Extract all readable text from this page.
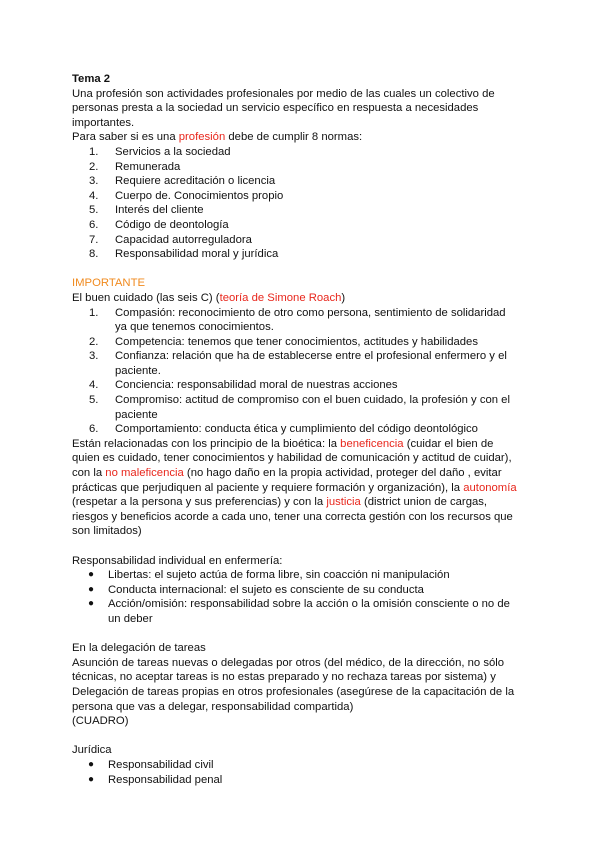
Tema 2

Una profesión son actividades profesionales por medio de las cuales un colectivo de personas presta a la sociedad un servicio específico en respuesta a necesidades importantes.

Para saber si es una profesión debe de cumplir 8 normas:

1.	Servicios a la sociedad
2.	Remunerada
3.	Requiere acreditación o licencia
4.	Cuerpo de. Conocimientos propio
5.	Interés del cliente
6.	Código de deontología
7.	Capacidad autorreguladora
8.	Responsabilidad moral y jurídica

IMPORTANTE

El buen cuidado (las seis C) (teoría de Simone Roach)

1.	Compasión: reconocimiento de otro como persona, sentimiento de solidaridad ya que tenemos conocimientos.
2.	Competencia: tenemos que tener conocimientos, actitudes y habilidades
3.	Confianza: relación que ha de establecerse entre el profesional enfermero y el paciente.
4.	Conciencia: responsabilidad moral de nuestras acciones
5.	Compromiso: actitud de compromiso con el buen cuidado, la profesión y con el paciente
6.	Comportamiento: conducta ética y cumplimiento del código deontológico

Están relacionadas con los principio de la bioética: la beneficencia (cuidar el bien de quien es cuidado, tener conocimientos y habilidad de comunicación y actitud de cuidar), con la no maleficencia (no hago daño en la propia actividad, proteger del daño , evitar prácticas que perjudiquen al paciente y requiere formación y organización), la autonomía (respetar a la persona y sus preferencias) y con la justicia (district union de cargas, riesgos y beneficios acorde a cada uno, tener una correcta gestión con los recursos que son limitados)

Responsabilidad individual en enfermería:

● Libertas: el sujeto actúa de forma libre, sin coacción ni manipulación
● Conducta internacional: el sujeto es consciente de su conducta
● Acción/omisión: responsabilidad sobre la acción o la omisión consciente o no de un deber

En la delegación de tareas

Asunción de tareas nuevas o delegadas por otros (del médico, de la dirección, no sólo técnicas, no aceptar tareas is no estas preparado y no rechaza tareas por sistema) y Delegación de tareas propias en otros profesionales (asegúrese de la capacitación de la persona que vas a delegar, responsabilidad compartida)

(CUADRO)

Jurídica

● Responsabilidad civil
● Responsabilidad penal
